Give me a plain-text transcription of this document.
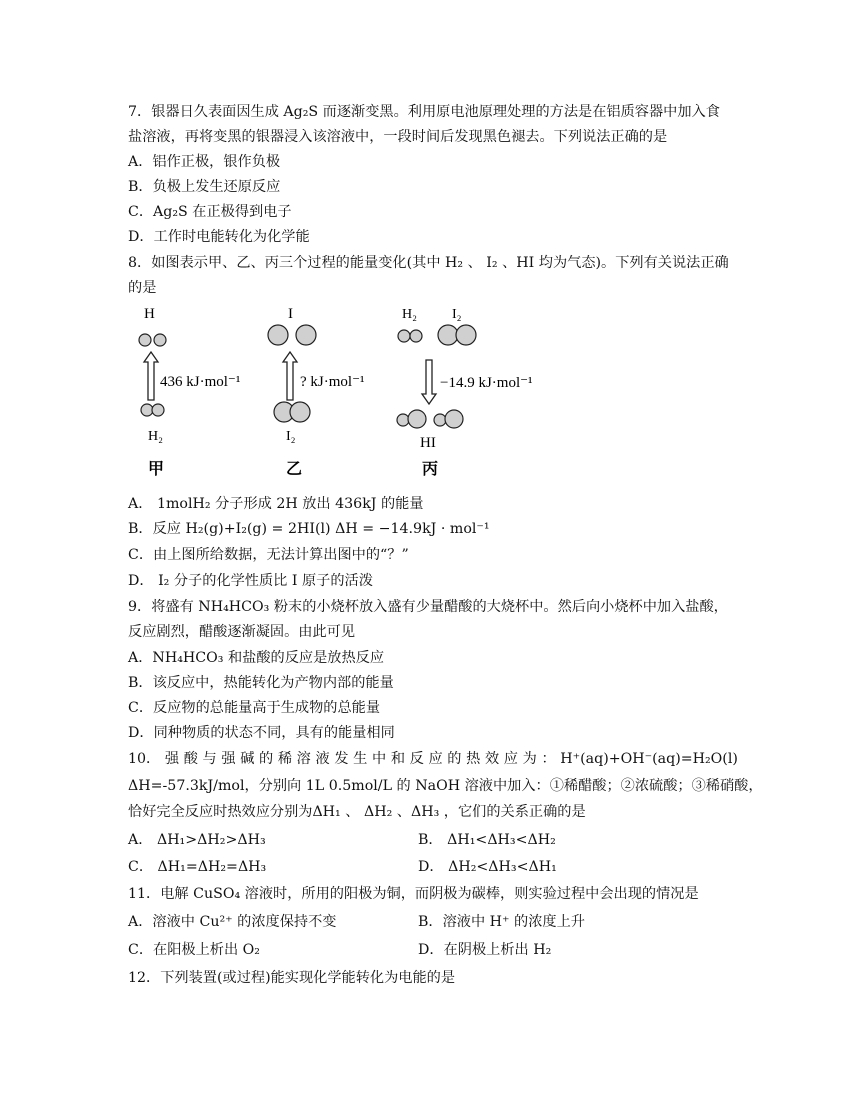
7．银器日久表面因生成 Ag₂S 而逐渐变黑。利用原电池原理处理的方法是在铝质容器中加入食
盐溶液，再将变黑的银器浸入该溶液中，一段时间后发现黑色褪去。下列说法正确的是
A．铝作正极，银作负极
B．负极上发生还原反应
C．Ag₂S 在正极得到电子
D．工作时电能转化为化学能
8．如图表示甲、乙、丙三个过程的能量变化(其中 H₂ 、 I₂ 、HI 均为气态)。下列有关说法正确
的是
H
436 kJ·mol⁻¹
H₂
甲
I
? kJ·mol⁻¹
I₂
乙
H₂	I₂
−14.9 kJ·mol⁻¹
HI
丙
A． 1molH₂ 分子形成 2H 放出 436kJ 的能量
B．反应 H₂(g)+I₂(g) = 2HI(l) ΔH = −14.9kJ · mol⁻¹
C．由上图所给数据，无法计算出图中的“？”
D． I₂ 分子的化学性质比 I 原子的活泼
9．将盛有 NH₄HCO₃ 粉末的小烧杯放入盛有少量醋酸的大烧杯中。然后向小烧杯中加入盐酸，
反应剧烈，醋酸逐渐凝固。由此可见
A．NH₄HCO₃ 和盐酸的反应是放热反应
B．该反应中，热能转化为产物内部的能量
C．反应物的总能量高于生成物的总能量
D．同种物质的状态不同，具有的能量相同
10． 强 酸 与 强 碱 的 稀 溶 液 发 生 中 和 反 应 的 热 效 应 为 ： H⁺(aq)+OH⁻(aq)=H₂O(l)
ΔH=-57.3kJ/mol，分别向 1L 0.5mol/L 的 NaOH 溶液中加入：①稀醋酸；②浓硫酸；③稀硝酸，
恰好完全反应时热效应分别为ΔH₁ 、 ΔH₂ 、ΔH₃ ，它们的关系正确的是
A． ΔH₁>ΔH₂>ΔH₃	B． ΔH₁<ΔH₃<ΔH₂
C． ΔH₁=ΔH₂=ΔH₃	D． ΔH₂<ΔH₃<ΔH₁
11．电解 CuSO₄ 溶液时，所用的阳极为铜，而阴极为碳棒，则实验过程中会出现的情况是
A．溶液中 Cu²⁺ 的浓度保持不变	B．溶液中 H⁺ 的浓度上升
C．在阳极上析出 O₂	D．在阴极上析出 H₂
12．下列装置(或过程)能实现化学能转化为电能的是
